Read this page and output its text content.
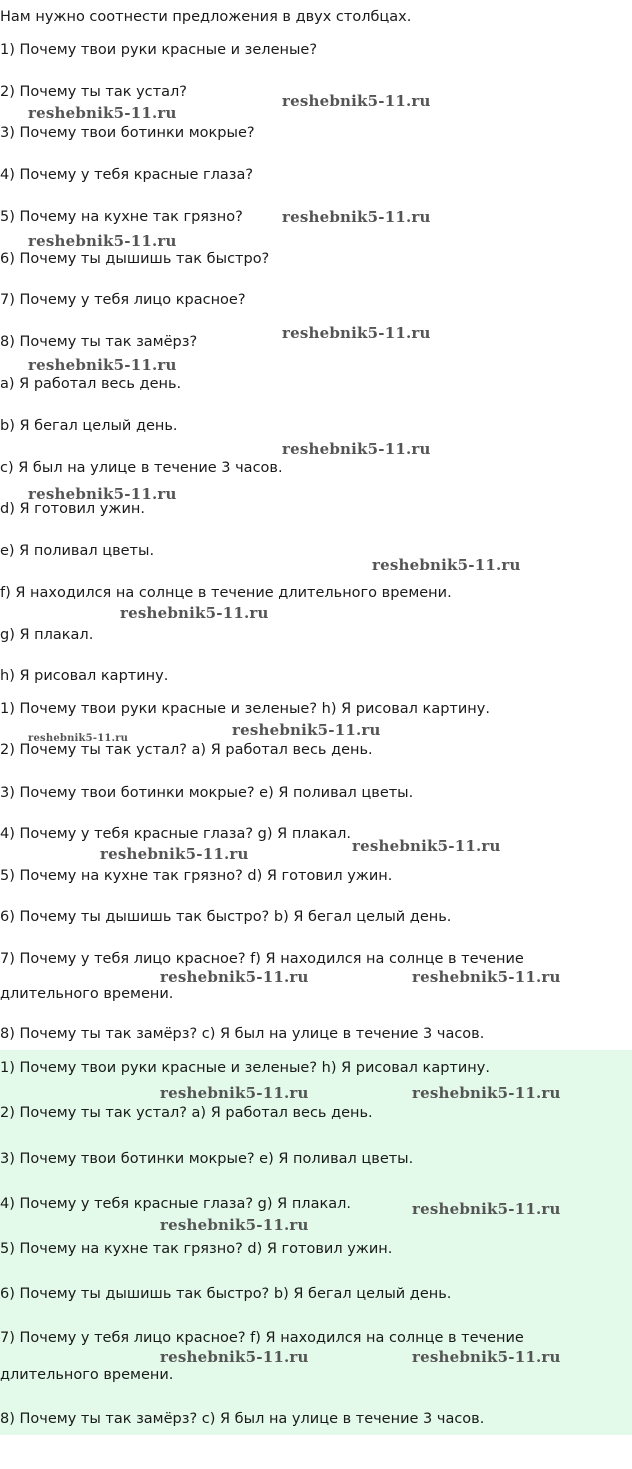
Нам нужно соотнести предложения в двух столбцах.
1) Почему твои руки красные и зеленые?
2) Почему ты так устал?
3) Почему твои ботинки мокрые?
4) Почему у тебя красные глаза?
5) Почему на кухне так грязно?
6) Почему ты дышишь так быстро?
7) Почему у тебя лицо красное?
8) Почему ты так замёрз?
a) Я работал весь день.
b) Я бегал целый день.
c) Я был на улице в течение 3 часов.
d) Я готовил ужин.
e) Я поливал цветы.
f) Я находился на солнце в течение длительного времени.
g) Я плакал.
h) Я рисовал картину.
1) Почему твои руки красные и зеленые? h) Я рисовал картину.
2) Почему ты так устал? a) Я работал весь день.
3) Почему твои ботинки мокрые? e) Я поливал цветы.
4) Почему у тебя красные глаза? g) Я плакал.
5) Почему на кухне так грязно? d) Я готовил ужин.
6) Почему ты дышишь так быстро? b) Я бегал целый день.
7) Почему у тебя лицо красное? f) Я находился на солнце в течение
длительного времени.
8) Почему ты так замёрз? c) Я был на улице в течение 3 часов.
1) Почему твои руки красные и зеленые? h) Я рисовал картину.
2) Почему ты так устал? a) Я работал весь день.
3) Почему твои ботинки мокрые? e) Я поливал цветы.
4) Почему у тебя красные глаза? g) Я плакал.
5) Почему на кухне так грязно? d) Я готовил ужин.
6) Почему ты дышишь так быстро? b) Я бегал целый день.
7) Почему у тебя лицо красное? f) Я находился на солнце в течение
длительного времени.
8) Почему ты так замёрз? c) Я был на улице в течение 3 часов.
reshebnik5-11.ru
reshebnik5-11.ru
reshebnik5-11.ru
reshebnik5-11.ru
reshebnik5-11.ru
reshebnik5-11.ru
reshebnik5-11.ru
reshebnik5-11.ru
reshebnik5-11.ru
reshebnik5-11.ru
reshebnik5-11.ru	reshebnik5-11.ru
reshebnik5-11.ru
reshebnik5-11.ru
reshebnik5-11.ru	reshebnik5-11.ru
reshebnik5-11.ru	reshebnik5-11.ru
reshebnik5-11.ru
reshebnik5-11.ru
reshebnik5-11.ru	reshebnik5-11.ru
